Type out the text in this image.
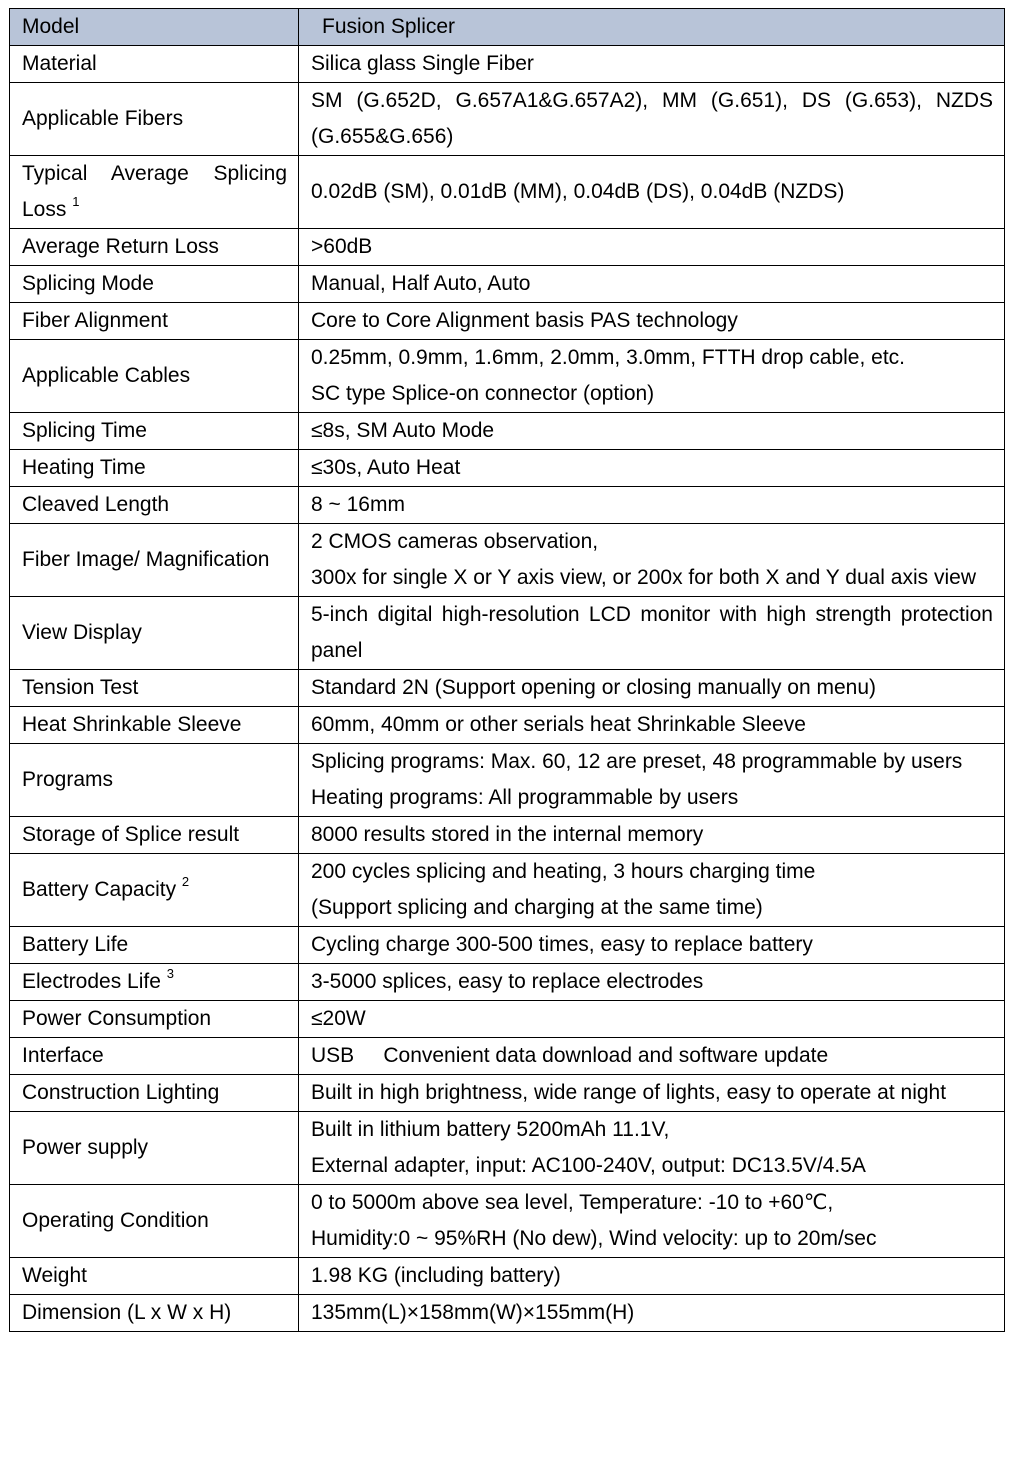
Model	Fusion Splicer
Material	Silica glass Single Fiber
Applicable Fibers	SM (G.652D, G.657A1&G.657A2), MM (G.651), DS (G.653), NZDS (G.655&G.656)
Typical Average Splicing Loss $^1$	0.02dB (SM), 0.01dB (MM), 0.04dB (DS), 0.04dB (NZDS)
Average Return Loss	>60dB
Splicing Mode	Manual, Half Auto, Auto
Fiber Alignment	Core to Core Alignment basis PAS technology
Applicable Cables	0.25mm, 0.9mm, 1.6mm, 2.0mm, 3.0mm, FTTH drop cable, etc.
SC type Splice-on connector (option)

Splicing Time	≤8s, SM Auto Mode
Heating Time	≤30s, Auto Heat
Cleaved Length	8 ~ 16mm
Fiber Image/ Magnification	2 CMOS cameras observation,
300x for single X or Y axis view, or 200x for both X and Y dual axis view

View Display	5-inch digital high-resolution LCD monitor with high strength protection panel
Tension Test	Standard 2N (Support opening or closing manually on menu)
Heat Shrinkable Sleeve	60mm, 40mm or other serials heat Shrinkable Sleeve
Programs	Splicing programs: Max. 60, 12 are preset, 48 programmable by users
Heating programs: All programmable by users

Storage of Splice result	8000 results stored in the internal memory
Battery Capacity $^2$	200 cycles splicing and heating, 3 hours charging time
(Support splicing and charging at the same time)

Battery Life	Cycling charge 300-500 times, easy to replace battery
Electrodes Life $^3$	3-5000 splices, easy to replace electrodes
Power Consumption	≤20W
Interface	USB     Convenient data download and software update
Construction Lighting	Built in high brightness, wide range of lights, easy to operate at night
Power supply	Built in lithium battery 5200mAh 11.1V,
External adapter, input: AC100-240V, output: DC13.5V/4.5A

Operating Condition	0 to 5000m above sea level, Temperature: -10 to +60℃,
Humidity:0 ~ 95%RH (No dew), Wind velocity: up to 20m/sec

Weight	1.98 KG (including battery)
Dimension (L x W x H)	135mm(L)×158mm(W)×155mm(H)
